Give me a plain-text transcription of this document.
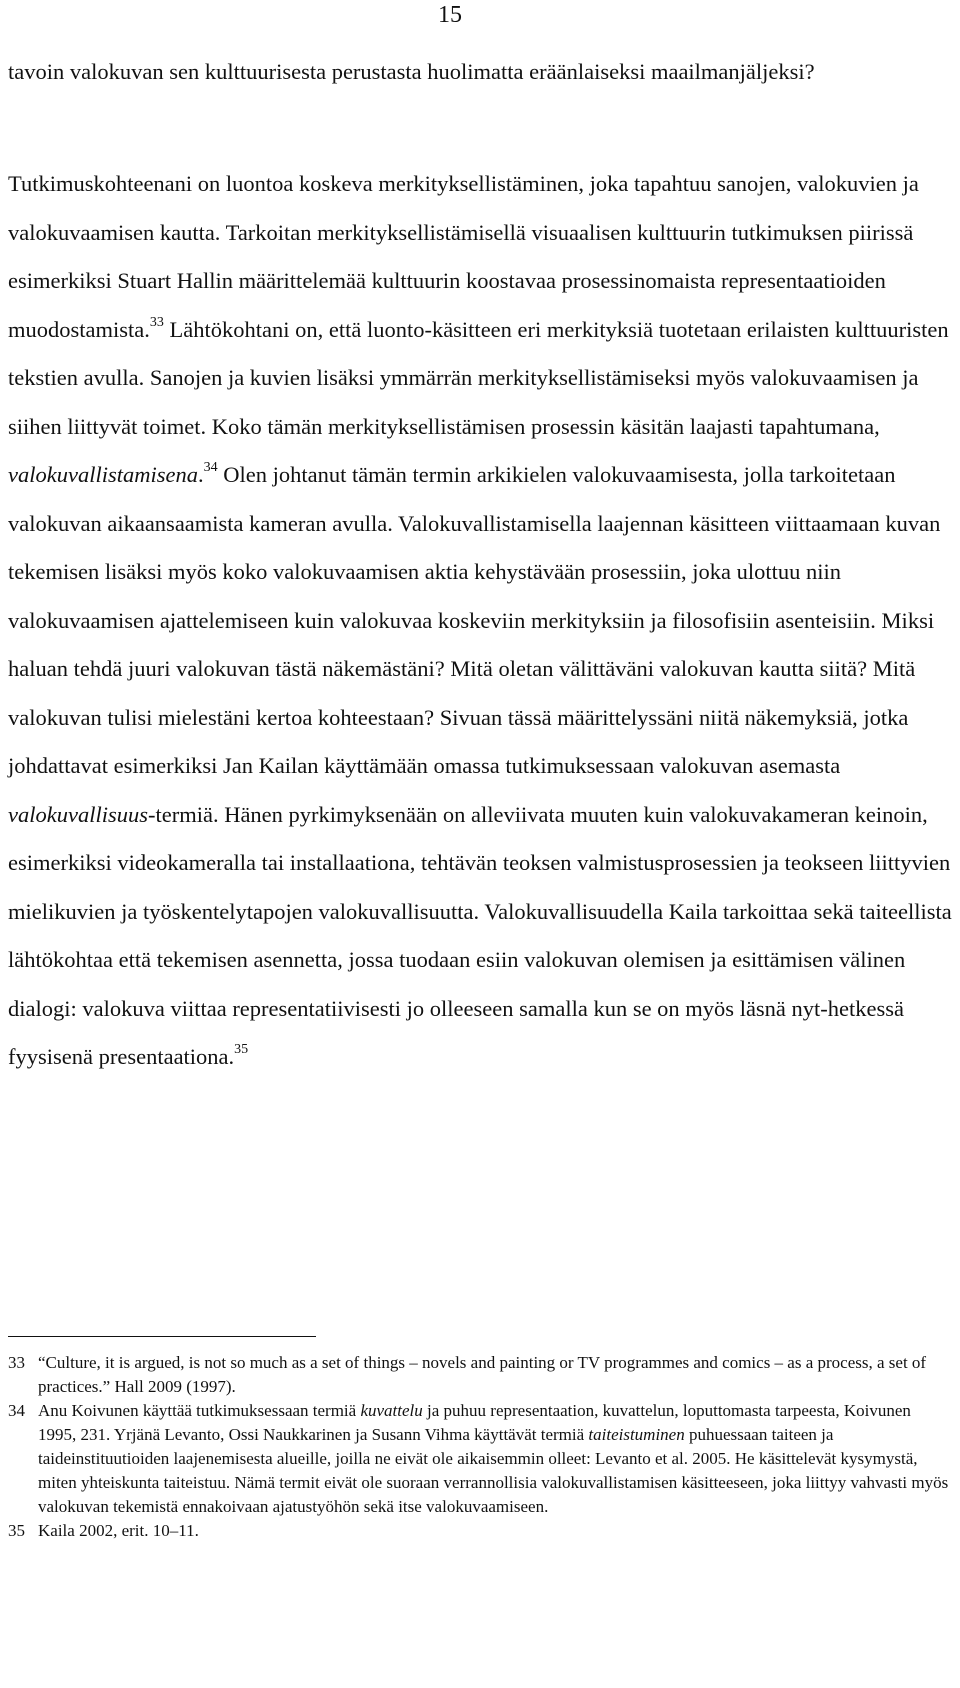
15

tavoin valokuvan sen kulttuurisesta perustasta huolimatta eräänlaiseksi maailmanjäljeksi?

Tutkimuskohteenani on luontoa koskeva merkityksellistäminen, joka tapahtuu sanojen, valokuvien ja valokuvaamisen kautta. Tarkoitan merkityksellistämisellä visuaalisen kulttuurin tutkimuksen piirissä esimerkiksi Stuart Hallin määrittelemää kulttuurin koostavaa prosessinomaista representaatioiden muodostamista.$^{33}$ Lähtökohtani on, että luonto-käsitteen eri merkityksiä tuotetaan erilaisten kulttuuristen tekstien avulla. Sanojen ja kuvien lisäksi ymmärrän merkityksellistämiseksi myös valokuvaamisen ja siihen liittyvät toimet. Koko tämän merkityksellistämisen prosessin käsitän laajasti tapahtumana, valokuvallistamisena.$^{34}$ Olen johtanut tämän termin arkikielen valokuvaamisesta, jolla tarkoitetaan valokuvan aikaansaamista kameran avulla. Valokuvallistamisella laajennan käsitteen viittaamaan kuvan tekemisen lisäksi myös koko valokuvaamisen aktia kehystävään prosessiin, joka ulottuu niin valokuvaamisen ajattelemiseen kuin valokuvaa koskeviin merkityksiin ja filosofisiin asenteisiin. Miksi haluan tehdä juuri valokuvan tästä näkemästäni? Mitä oletan välittäväni valokuvan kautta siitä? Mitä valokuvan tulisi mielestäni kertoa kohteestaan? Sivuan tässä määrittelyssäni niitä näkemyksiä, jotka johdattavat esimerkiksi Jan Kailan käyttämään omassa tutkimuksessaan valokuvan asemasta valokuvallisuus-termiä. Hänen pyrkimyksenään on alleviivata muuten kuin valokuvakameran keinoin, esimerkiksi videokameralla tai installaationa, tehtävän teoksen valmistusprosessien ja teokseen liittyvien mielikuvien ja työskentelytapojen valokuvallisuutta. Valokuvallisuudella Kaila tarkoittaa sekä taiteellista lähtökohtaa että tekemisen asennetta, jossa tuodaan esiin valokuvan olemisen ja esittämisen välinen dialogi: valokuva viittaa representatiivisesti jo olleeseen samalla kun se on myös läsnä nyt-hetkessä fyysisenä presentaationa.$^{35}$

33 “Culture, it is argued, is not so much as a set of things – novels and painting or TV programmes and comics – as a process, a set of practices.” Hall 2009 (1997).

34 Anu Koivunen käyttää tutkimuksessaan termiä kuvattelu ja puhuu representaation, kuvattelun, loputtomasta tarpeesta, Koivunen 1995, 231. Yrjänä Levanto, Ossi Naukkarinen ja Susann Vihma käyttävät termiä taiteistuminen puhuessaan taiteen ja taideinstituutioiden laajenemisesta alueille, joilla ne eivät ole aikaisemmin olleet: Levanto et al. 2005. He käsittelevät kysymystä, miten yhteiskunta taiteistuu. Nämä termit eivät ole suoraan verrannollisia valokuvallistamisen käsitteeseen, joka liittyy vahvasti myös valokuvan tekemistä ennakoivaan ajatustyöhön sekä itse valokuvaamiseen.

35 Kaila 2002, erit. 10–11.
